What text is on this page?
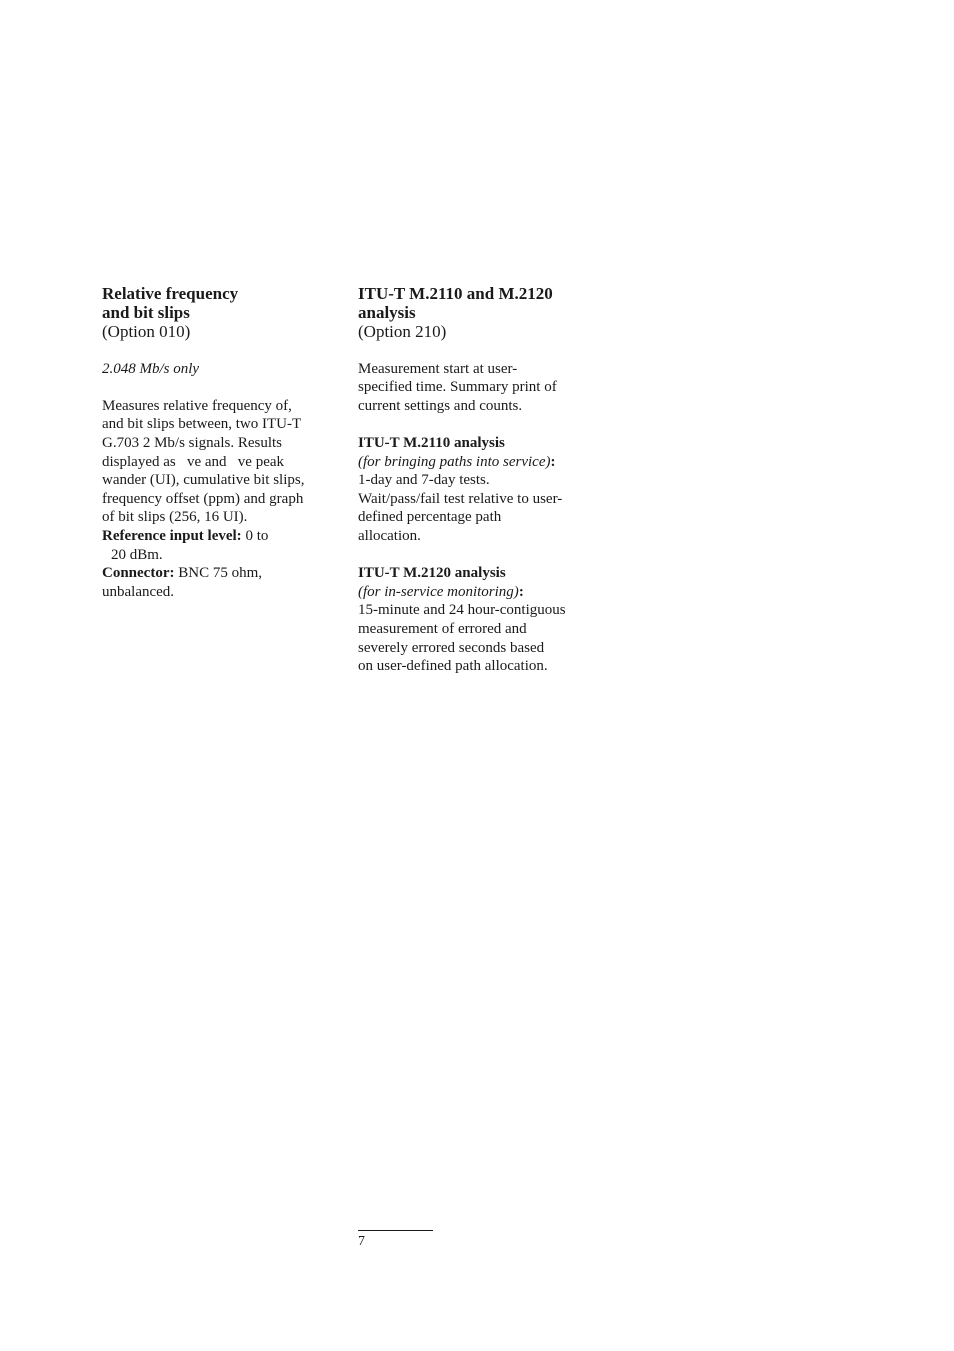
Relative frequency
and bit slips
(Option 010)

2.048 Mb/s only

Measures relative frequency of,
and bit slips between, two ITU-T
G.703 2 Mb/s signals. Results
displayed as   ve and   ve peak
wander (UI), cumulative bit slips,
frequency offset (ppm) and graph
of bit slips (256, 16 UI).
Reference input level: 0 to
20 dBm.
Connector: BNC 75 ohm,
unbalanced.
ITU-T M.2110 and M.2120
analysis
(Option 210)
Measurement start at user-
specified time. Summary print of
current settings and counts.

ITU-T M.2110 analysis

(for bringing paths into service):
1-day and 7-day tests.
Wait/pass/fail test relative to user-
defined percentage path
allocation.

ITU-T M.2120 analysis

(for in-service monitoring):
15-minute and 24 hour-contiguous
measurement of errored and
severely errored seconds based
on user-defined path allocation.
7
